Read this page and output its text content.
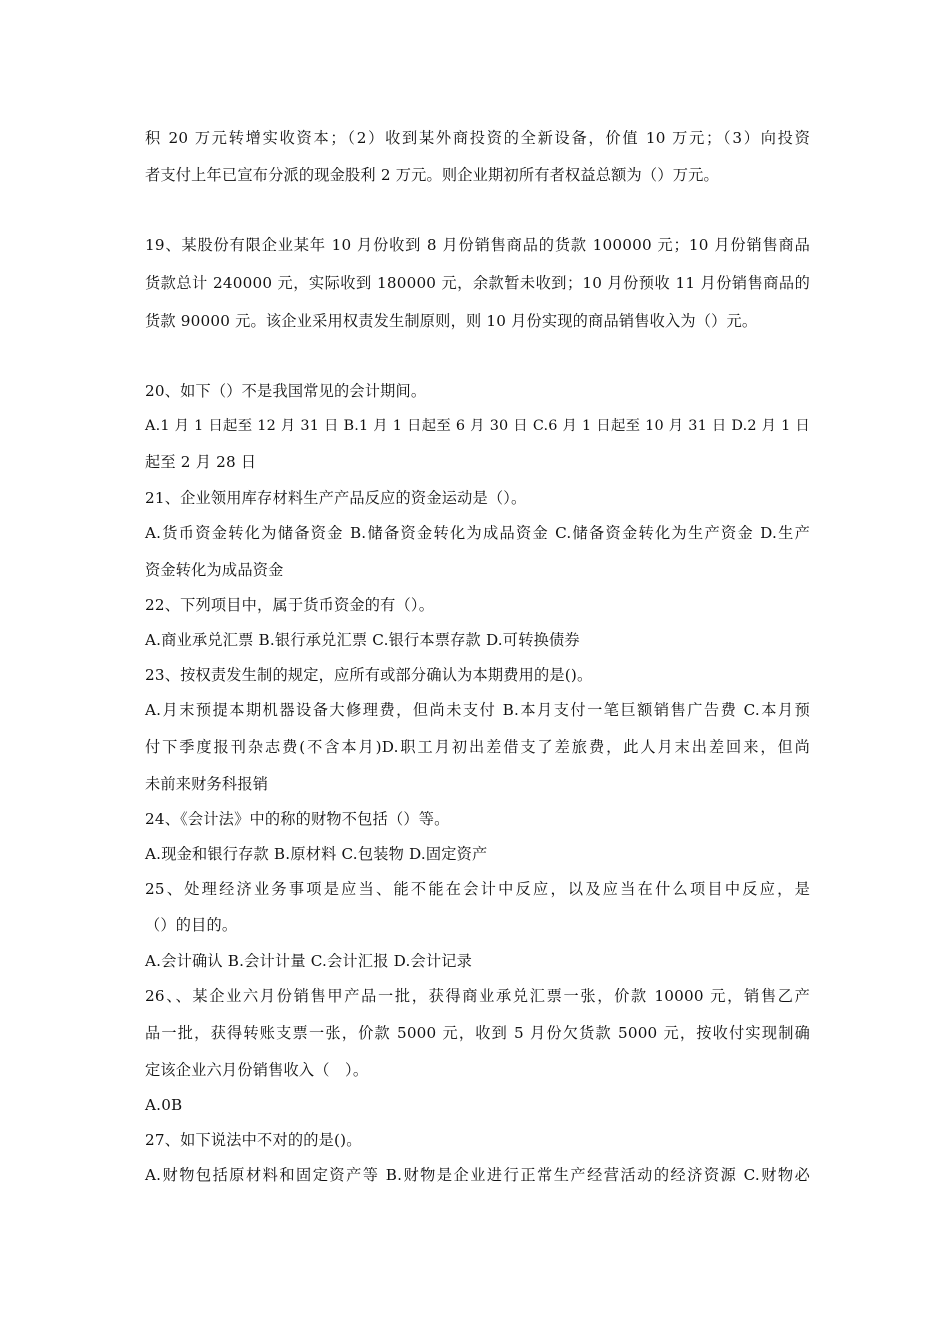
积 20 万元转增实收资本；（2）收到某外商投资的全新设备，价值 10 万元；（3）向投资
者支付上年已宣布分派的现金股利 2 万元。则企业期初所有者权益总额为（）万元。
19、某股份有限企业某年 10 月份收到 8 月份销售商品的货款 100000 元；10 月份销售商品
货款总计 240000 元，实际收到 180000 元，余款暂未收到；10 月份预收 11 月份销售商品的
货款 90000 元。该企业采用权责发生制原则，则 10 月份实现的商品销售收入为（）元。
20、如下（）不是我国常见的会计期间。
A.1 月 1 日起至 12 月 31 日 B.1 月 1 日起至 6 月 30 日 C.6 月 1 日起至 10 月 31 日 D.2 月 1 日
起至 2 月 28 日
21、企业领用库存材料生产产品反应的资金运动是（）。
A.货币资金转化为储备资金 B.储备资金转化为成品资金 C.储备资金转化为生产资金 D.生产
资金转化为成品资金
22、下列项目中，属于货币资金的有（）。
A.商业承兑汇票 B.银行承兑汇票 C.银行本票存款 D.可转换债券
23、按权责发生制的规定，应所有或部分确认为本期费用的是()。
A.月末预提本期机器设备大修理费，但尚未支付 B.本月支付一笔巨额销售广告费 C.本月预
付下季度报刊杂志费(不含本月)D.职工月初出差借支了差旅费，此人月末出差回来，但尚
未前来财务科报销
24、《会计法》中的称的财物不包括（）等。
A.现金和银行存款 B.原材料 C.包装物 D.固定资产
25、处理经济业务事项是应当、能不能在会计中反应，以及应当在什么项目中反应，是
（）的目的。
A.会计确认 B.会计计量 C.会计汇报 D.会计记录
26、、某企业六月份销售甲产品一批，获得商业承兑汇票一张，价款 10000 元，销售乙产
品一批，获得转账支票一张，价款 5000 元，收到 5 月份欠货款 5000 元，按收付实现制确
定该企业六月份销售收入（　）。
A.0B
27、如下说法中不对的的是()。
A.财物包括原材料和固定资产等 B.财物是企业进行正常生产经营活动的经济资源 C.财物必
